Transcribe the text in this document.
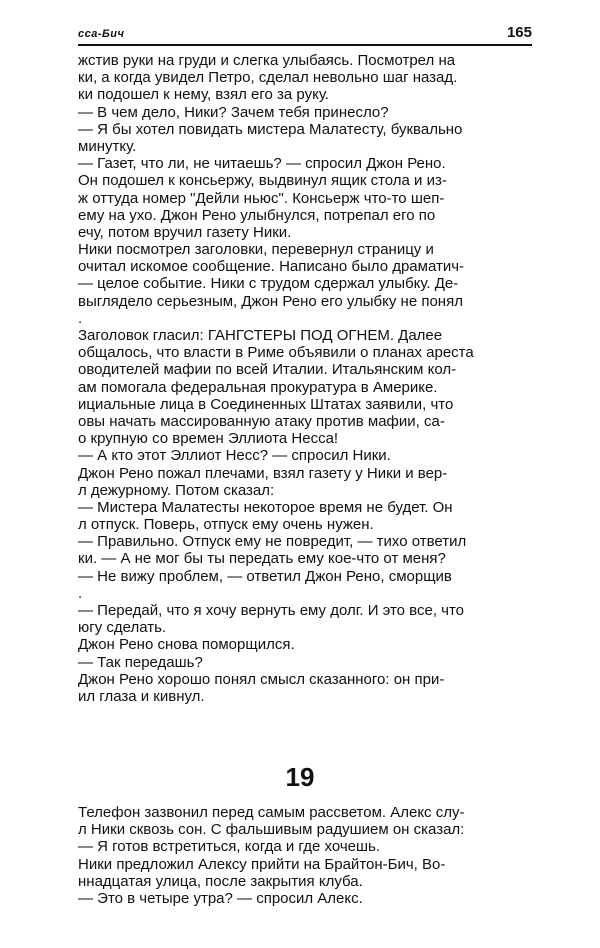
сса-Бич	165
жстив руки на груди и слегка улыбаясь. Посмотрел на
ки, а когда увидел Петро, сделал невольно шаг назад.
ки подошел к нему, взял его за руку.
— В чем дело, Ники? Зачем тебя принесло?
— Я бы хотел повидать мистера Малатесту, буквально
минутку.
— Газет, что ли, не читаешь? — спросил Джон Рено.
Он подошел к консьержу, выдвинул ящик стола и из-
ж оттуда номер "Дейли ньюс". Консьерж что-то шеп-
ему на ухо. Джон Рено улыбнулся, потрепал его по
ечу, потом вручил газету Ники.
Ники посмотрел заголовки, перевернул страницу и
очитал искомое сообщение. Написано было драматич-
— целое событие. Ники с трудом сдержал улыбку. Де-
выглядело серьезным, Джон Рено его улыбку не понял
.
Заголовок гласил: ГАНГСТЕРЫ ПОД ОГНЕМ. Далее
общалось, что власти в Риме объявили о планах ареста
оводителей мафии по всей Италии. Итальянским кол-
ам помогала федеральная прокуратура в Америке.
ициальные лица в Соединенных Штатах заявили, что
овы начать массированную атаку против мафии, са-
о крупную со времен Эллиота Несса!
— А кто этот Эллиот Несс? — спросил Ники.
Джон Рено пожал плечами, взял газету у Ники и вер-
л дежурному. Потом сказал:
— Мистера Малатесты некоторое время не будет. Он
л отпуск. Поверь, отпуск ему очень нужен.
— Правильно. Отпуск ему не повредит, — тихо ответил
ки. — А не мог бы ты передать ему кое-что от меня?
— Не вижу проблем, — ответил Джон Рено, сморщив
.
— Передай, что я хочу вернуть ему долг. И это все, что
югу сделать.
Джон Рено снова поморщился.
— Так передашь?
Джон Рено хорошо понял смысл сказанного: он при-
ил глаза и кивнул.
19
Телефон зазвонил перед самым рассветом. Алекс слу-
л Ники сквозь сон. С фальшивым радушием он сказал:
— Я готов встретиться, когда и где хочешь.
Ники предложил Алексу прийти на Брайтон-Бич, Во-
ннадцатая улица, после закрытия клуба.
— Это в четыре утра? — спросил Алекс.
